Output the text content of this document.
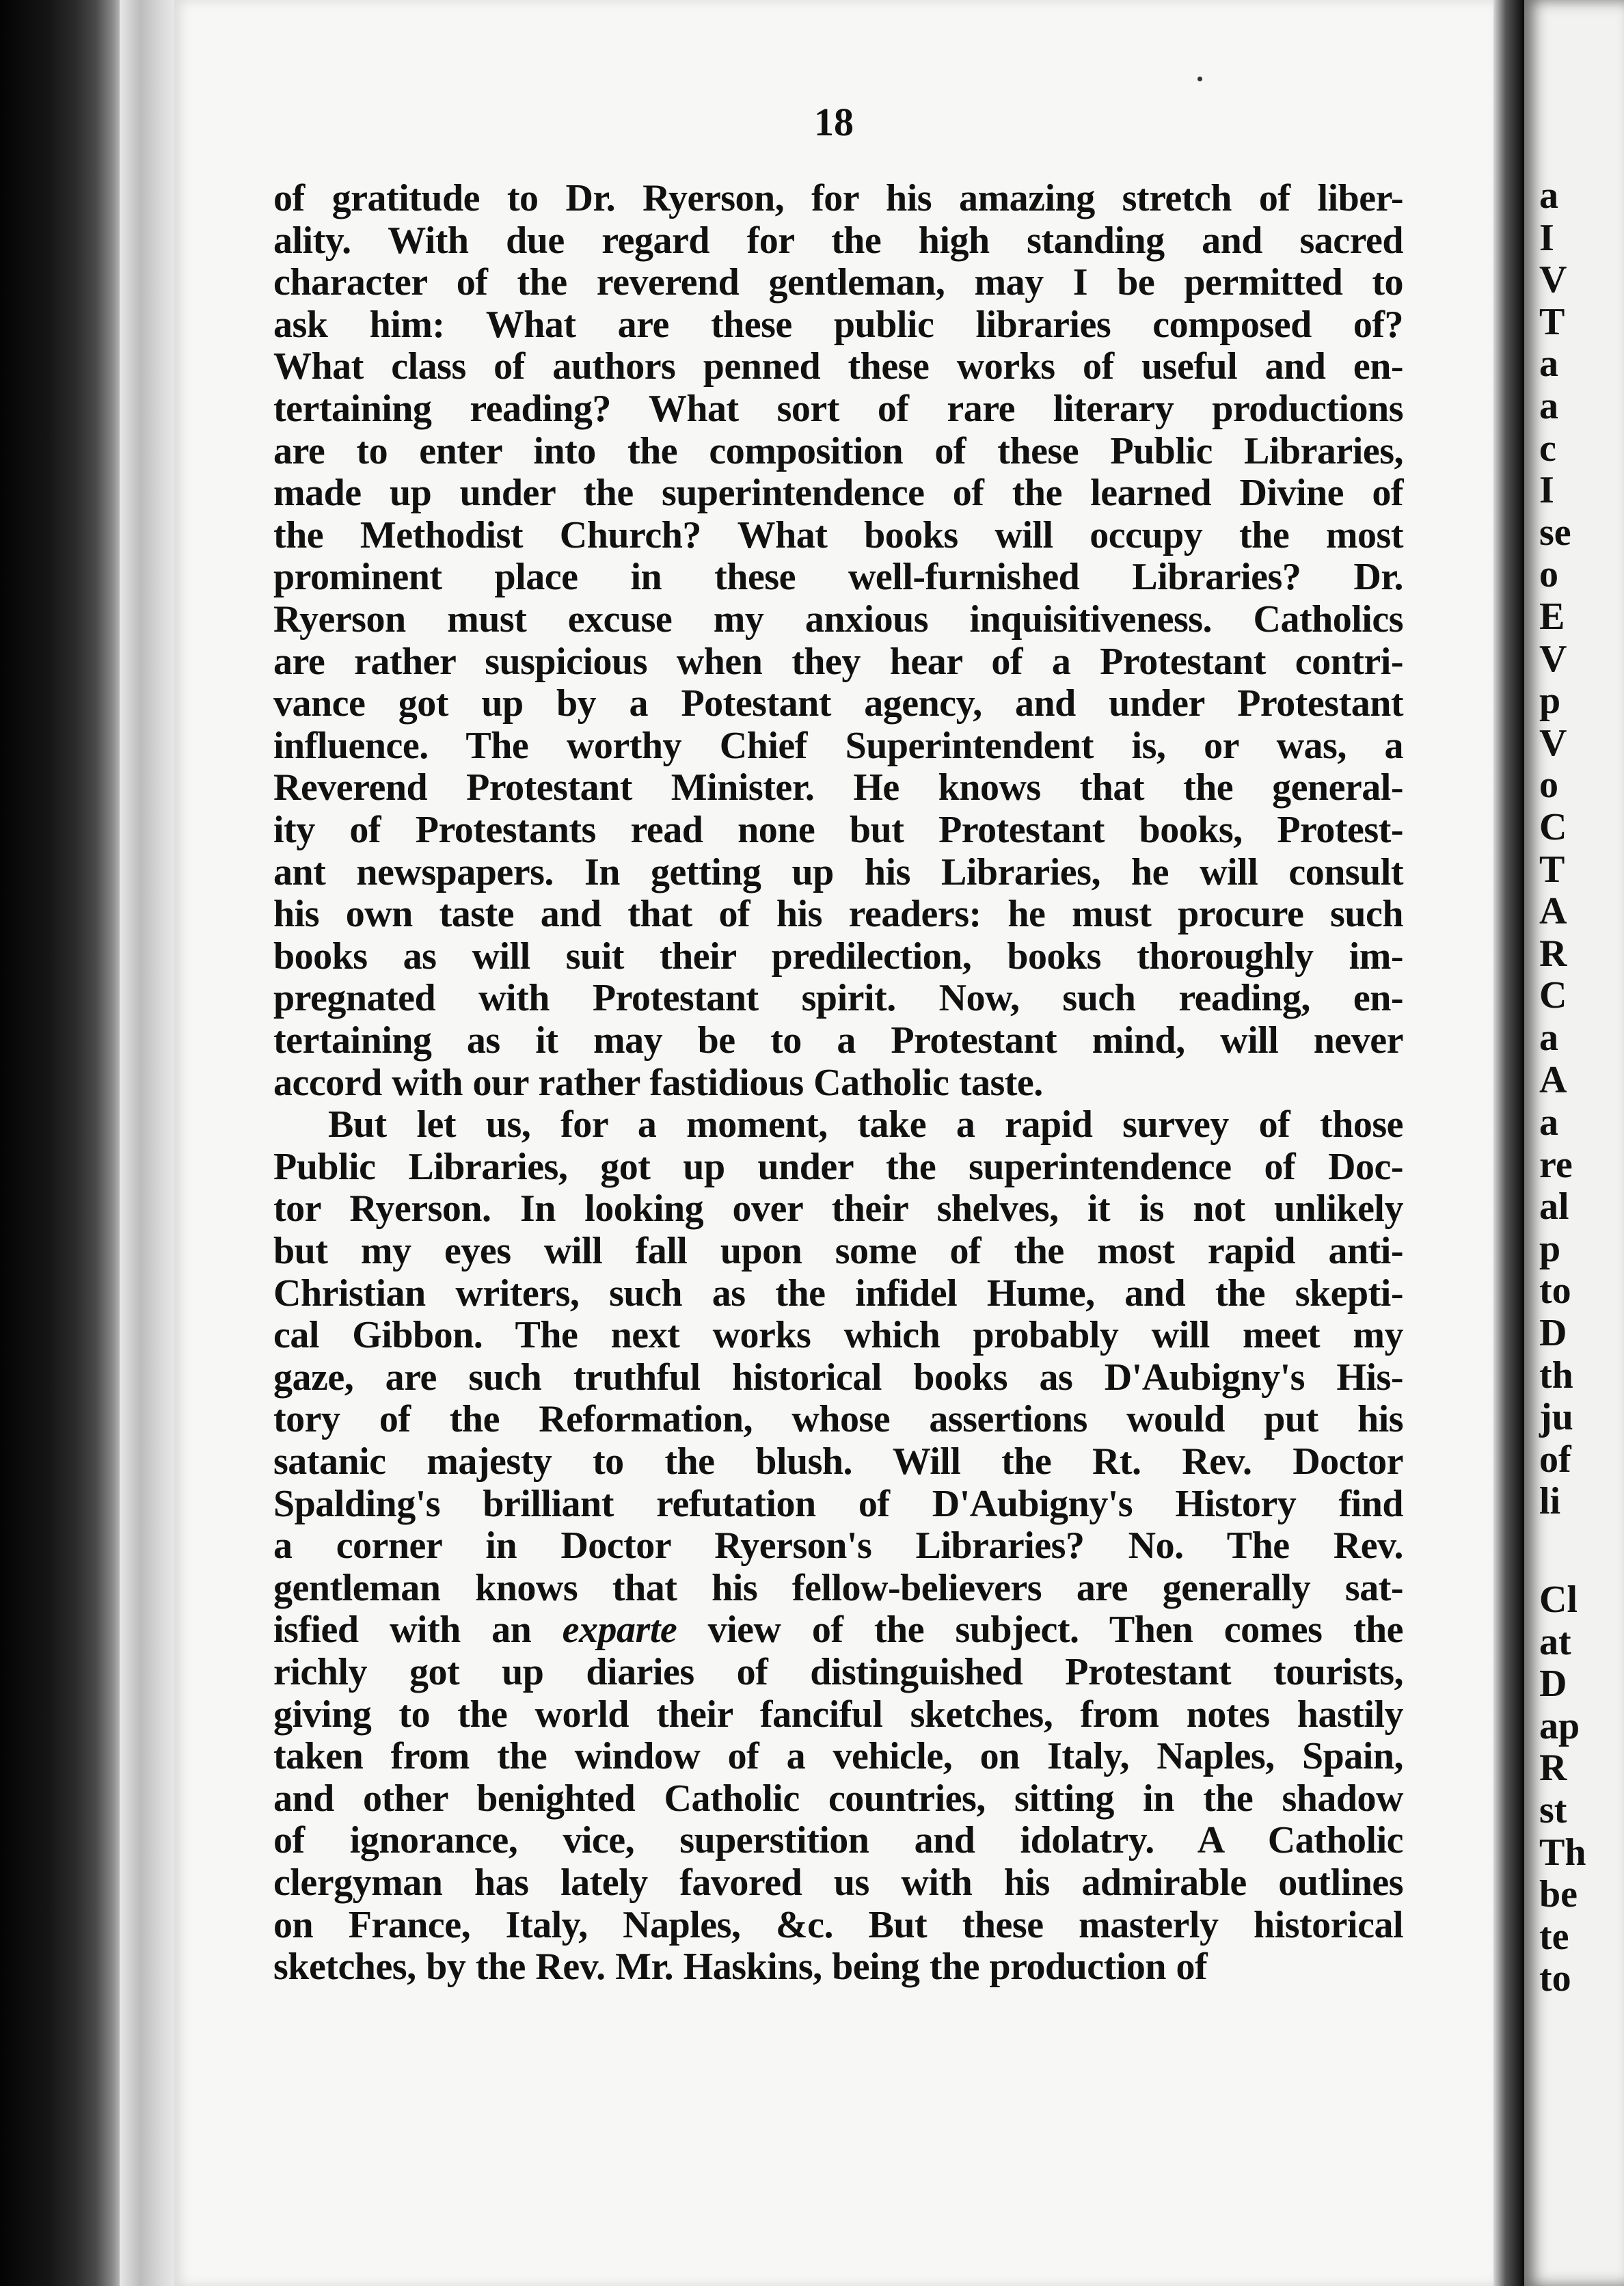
18
of gratitude to Dr. Ryerson, for his amazing stretch of liber-
ality. With due regard for the high standing and sacred
character of the reverend gentleman, may I be permitted to
ask him: What are these public libraries composed of?
What class of authors penned these works of useful and en-
tertaining reading? What sort of rare literary productions
are to enter into the composition of these Public Libraries,
made up under the superintendence of the learned Divine of
the Methodist Church? What books will occupy the most
prominent place in these well-furnished Libraries? Dr.
Ryerson must excuse my anxious inquisitiveness. Catholics
are rather suspicious when they hear of a Protestant contri-
vance got up by a Potestant agency, and under Protestant
influence. The worthy Chief Superintendent is, or was, a
Reverend Protestant Minister. He knows that the general-
ity of Protestants read none but Protestant books, Protest-
ant newspapers. In getting up his Libraries, he will consult
his own taste and that of his readers: he must procure such
books as will suit their predilection, books thoroughly im-
pregnated with Protestant spirit. Now, such reading, en-
tertaining as it may be to a Protestant mind, will never
accord with our rather fastidious Catholic taste.
But let us, for a moment, take a rapid survey of those
Public Libraries, got up under the superintendence of Doc-
tor Ryerson. In looking over their shelves, it is not unlikely
but my eyes will fall upon some of the most rapid anti-
Christian writers, such as the infidel Hume, and the skepti-
cal Gibbon. The next works which probably will meet my
gaze, are such truthful historical books as D'Aubigny's His-
tory of the Reformation, whose assertions would put his
satanic majesty to the blush. Will the Rt. Rev. Doctor
Spalding's brilliant refutation of D'Aubigny's History find
a corner in Doctor Ryerson's Libraries? No. The Rev.
gentleman knows that his fellow-believers are generally sat-
isfied with an exparte view of the subject. Then comes the
richly got up diaries of distinguished Protestant tourists,
giving to the world their fanciful sketches, from notes hastily
taken from the window of a vehicle, on Italy, Naples, Spain,
and other benighted Catholic countries, sitting in the shadow
of ignorance, vice, superstition and idolatry. A Catholic
clergyman has lately favored us with his admirable outlines
on France, Italy, Naples, &c. But these masterly historical
sketches, by the Rev. Mr. Haskins, being the production of
a
I
V
T
a
a
c
I
se
o
E
V
p
V
o
C
T
A
R
C
a
A
a
re
al
p
to
D
th
ju
of
li
Cl
at
D
ap
R
st
Th
be
te
to
